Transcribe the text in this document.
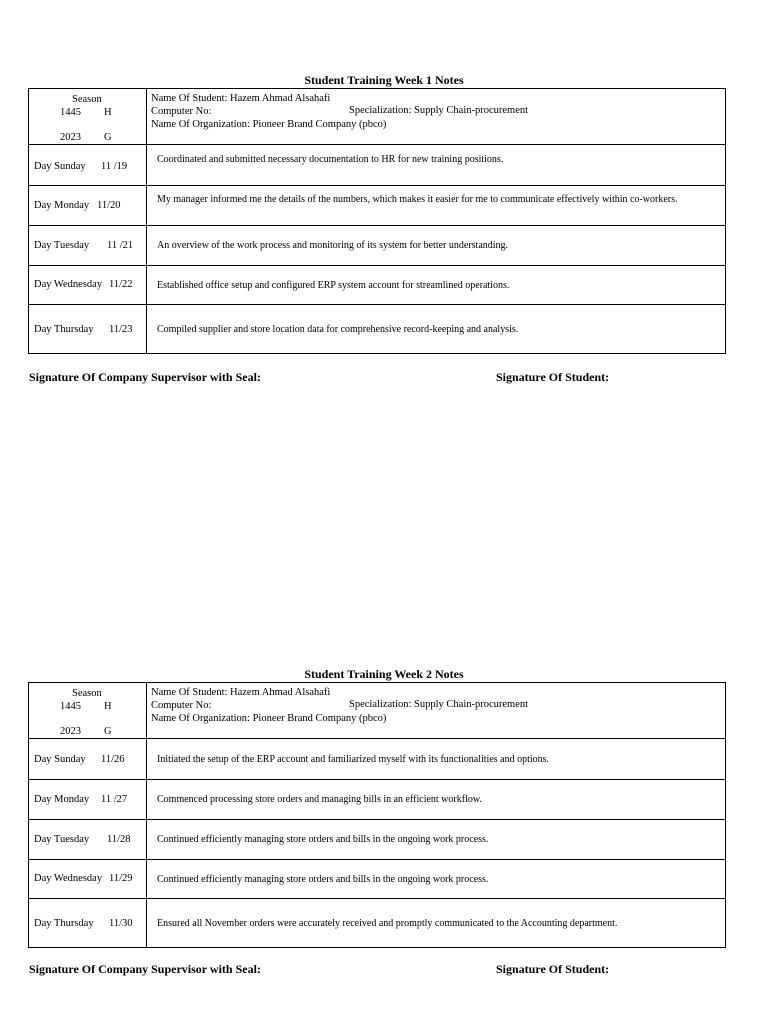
Student Training Week 1 Notes
Season
1445 H
2023 G
Name Of Student: Hazem Ahmad Alsahafi
Computer No:
Name Of Organization: Pioneer Brand Company (pbco)
Specialization: Supply Chain-procurement
Day Sunday 11 /19
Coordinated and submitted necessary documentation to HR for new training positions.
Day Monday 11/20
My manager informed me the details of the numbers, which makes it easier for me to communicate effectively within co-workers.
Day Tuesday 11 /21 An overview of the work process and monitoring of its system for better understanding.
Day Wednesday 11/22 Established office setup and configured ERP system account for streamlined operations.
Day Thursday 11/23 Compiled supplier and store location data for comprehensive record-keeping and analysis.
Signature Of Company Supervisor with Seal:	Signature Of Student:
Student Training Week 2 Notes
Season
1445 H
2023 G
Name Of Student: Hazem Ahmad Alsahafi
Computer No:
Name Of Organization: Pioneer Brand Company (pbco)
Specialization: Supply Chain-procurement
Day Sunday 11/26	Initiated the setup of the ERP account and familiarized myself with its functionalities and options.
Day Monday 11 /27	Commenced processing store orders and managing bills in an efficient workflow.
Day Tuesday 11/28	Continued efficiently managing store orders and bills in the ongoing work process.
Day Wednesday 11/29 Continued efficiently managing store orders and bills in the ongoing work process.
Day Thursday 11/30 Ensured all November orders were accurately received and promptly communicated to the Accounting department.
Signature Of Company Supervisor with Seal:	Signature Of Student:
